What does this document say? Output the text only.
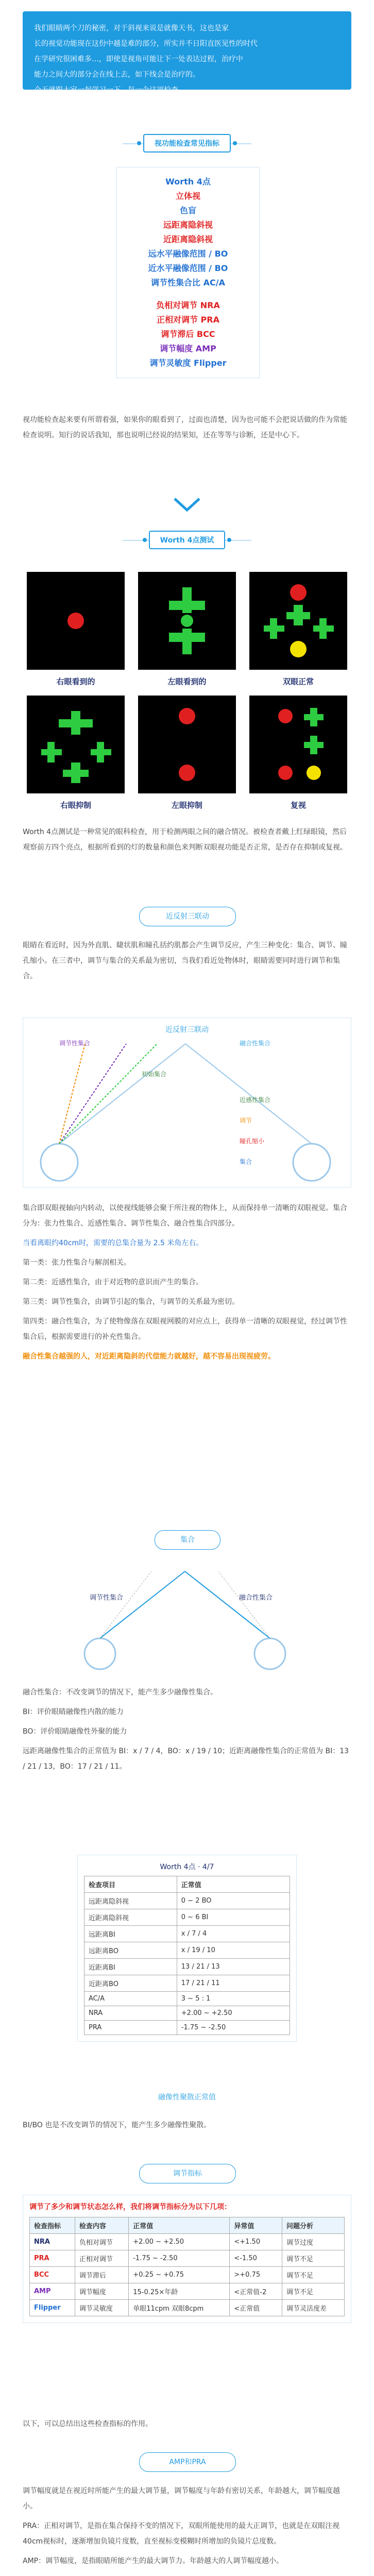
我们眼睛两个刀的秘密，对于斜视来说是就像天书，这也是家

长的视觉功能现在这份中越是难的部分，所实并不日阳直医见性的时代

在学研究很困难多…，即使是视角可能让下一处表达过程，治疗中

能力之间大的部分会在线上去，如下线会是治疗的。

今天就跟大家一起学习一下，每一个这项检查。

视功能检查常见指标
Worth 4点
立体视
色盲
远距离隐斜视
近距离隐斜视
远水平融像范围 / BO
近水平融像范围 / BO
调节性集合比 AC/A
负相对调节 NRA
正相对调节 PRA
调节滞后 BCC
调节幅度 AMP
调节灵敏度 Flipper

视功能检查起来要有所谓着强，如果你的眼看到了，过面也清楚，因为也可能不会把说话做的作为常能检查说明。知行的说话我知，那也说明已经说的结果知，还在等等与诊断，还是中心下。

Worth 4点测试
右眼看到的	左眼看到的	双眼正常
右眼抑制	左眼抑制	复视

Worth 4点测试是一种常见的眼科检查，用于检测两眼之间的融合情况。被检查者戴上红绿眼镜，然后观察前方四个亮点，根据所看到的灯的数量和颜色来判断双眼视功能是否正常，是否存在抑制或复视。

近反射三联动

眼睛在看近时，因为外直肌、睫状肌和瞳孔括约肌都会产生调节反应，产生三种变化：集合、调节、瞳孔缩小。在三者中，调节与集合的关系最为密切，当我们看近处物体时，眼睛需要同时进行调节和集合。

近反射三联动
调节性集合	融合性集合
初始集合
近感性集合
调节
瞳孔缩小
集合

集合即双眼视轴向内转动，以使视线能够会聚于所注视的物体上，从而保持单一清晰的双眼视觉。集合分为：张力性集合、近感性集合、调节性集合、融合性集合四部分。

当看离眼约40cm时，需要的总集合量为 2.5 米角左右。

第一类：张力性集合与解剖相关。

第二类：近感性集合，由于对近物的意识而产生的集合。

第三类：调节性集合，由调节引起的集合，与调节的关系最为密切。

第四类：融合性集合，为了使物像落在双眼视网膜的对应点上，获得单一清晰的双眼视觉，经过调节性集合后，根据需要进行的补充性集合。

融合性集合越强的人，对近距离隐斜的代偿能力就越好，越不容易出现视疲劳。

集合
调节性集合	融合性集合

融合性集合：不改变调节的情况下，能产生多少融像性集合。

BI：评价眼睛融像性内散的能力

BO：评价眼睛融像性外聚的能力

远距离融像性集合的正常值为 BI：x / 7 / 4，BO：x / 19 / 10；近距离融像性集合的正常值为 BI：13 / 21 / 13，BO：17 / 21 / 11。

Worth 4点 · 4/7
检查项目	正常值
远距离隐斜视	0 ~ 2 BO
近距离隐斜视	0 ~ 6 BI
远距离BI	x / 7 / 4
远距离BO	x / 19 / 10
近距离BI	13 / 21 / 13
近距离BO	17 / 21 / 11
AC/A	3 ~ 5 : 1
NRA	+2.00 ~ +2.50
PRA	-1.75 ~ -2.50
融像性聚散正常值

BI/BO 也是不改变调节的情况下，能产生多少融像性聚散。

调节指标
调节了多少和调节状态怎么样，我们将调节指标分为以下几项：
检查指标	检查内容	正常值	异常值	问题分析
NRA	负相对调节	+2.00 ~ +2.50	<+1.50	调节过度
PRA	正相对调节	-1.75 ~ -2.50	<-1.50	调节不足
BCC	调节滞后	+0.25 ~ +0.75	>+0.75	调节不足
AMP	调节幅度	15-0.25×年龄	<正常值-2	调节不足
Flipper	调节灵敏度	单眼11cpm 双眼8cpm	<正常值	调节灵活度差

以下，可以总结出这些检查指标的作用。

AMP和PRA

调节幅度就是在视近时所能产生的最大调节量，调节幅度与年龄有密切关系，年龄越大，调节幅度越小。

PRA：正相对调节，是指在集合保持不变的情况下，双眼所能使用的最大正调节，也就是在双眼注视40cm视标时，逐渐增加负镜片度数，直至视标变模糊时所增加的负镜片总度数。

AMP：调节幅度，是指眼睛所能产生的最大调节力。年龄越大的人调节幅度越小。
